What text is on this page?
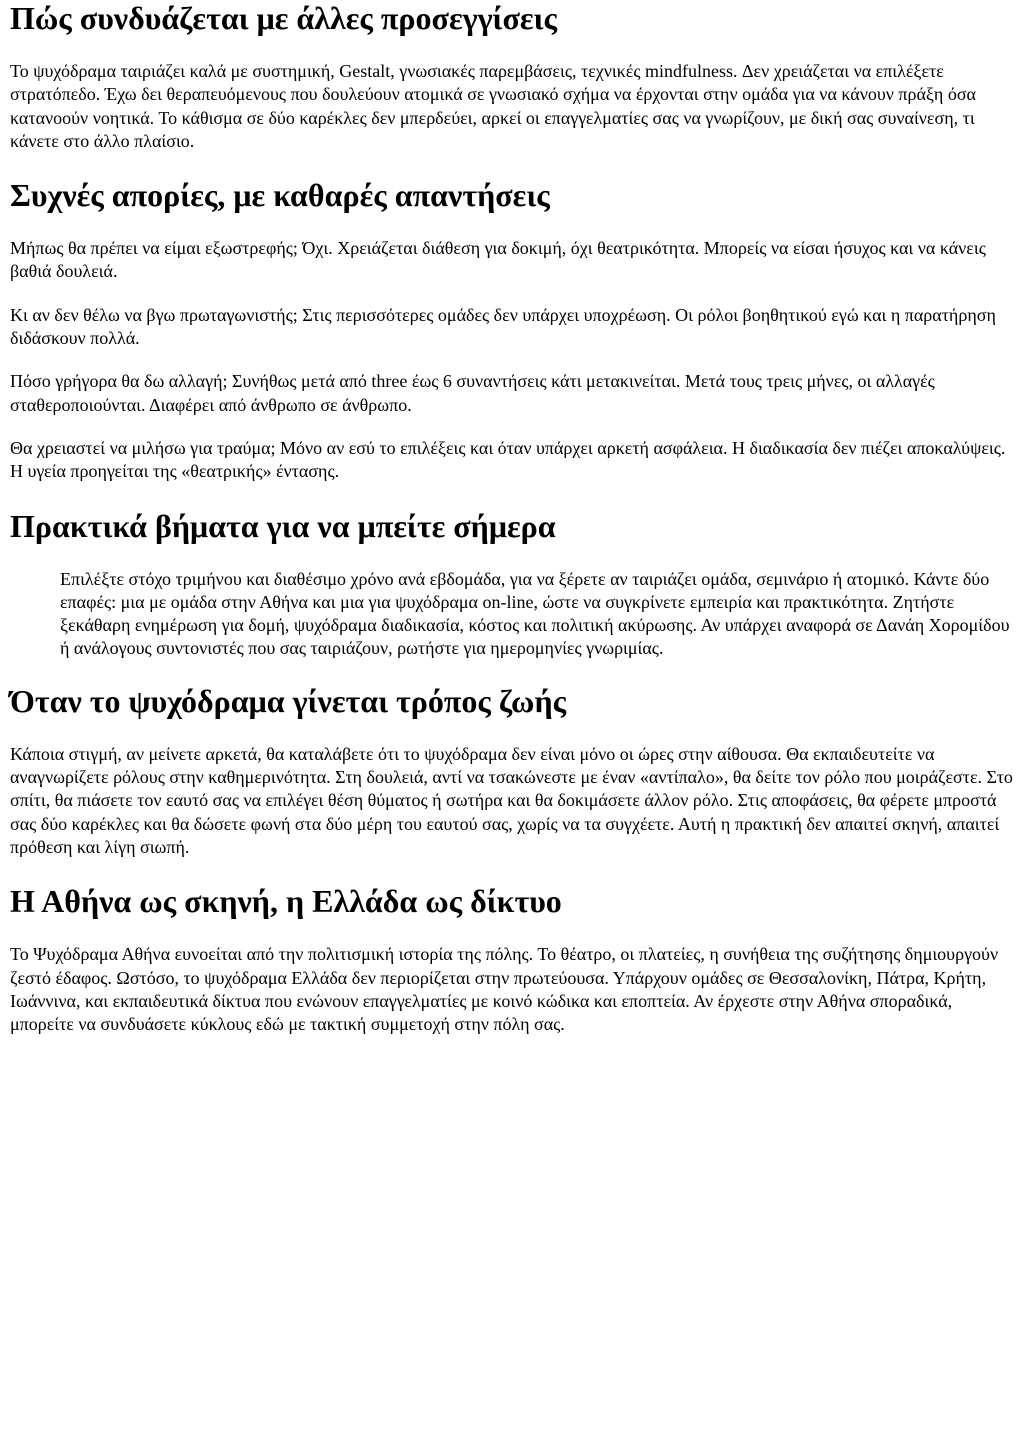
Πώς συνδυάζεται με άλλες προσεγγίσεις

Το ψυχόδραμα ταιριάζει καλά με συστημική, Gestalt, γνωσιακές παρεμβάσεις, τεχνικές mindfulness. Δεν χρειάζεται να επιλέξετε στρατόπεδο. Έχω δει θεραπευόμενους που δουλεύουν ατομικά σε γνωσιακό σχήμα να έρχονται στην ομάδα για να κάνουν πράξη όσα κατανοούν νοητικά. Το κάθισμα σε δύο καρέκλες δεν μπερδεύει, αρκεί οι επαγγελματίες σας να γνωρίζουν, με δική σας συναίνεση, τι κάνετε στο άλλο πλαίσιο.

Συχνές απορίες, με καθαρές απαντήσεις

Μήπως θα πρέπει να είμαι εξωστρεφής; Όχι. Χρειάζεται διάθεση για δοκιμή, όχι θεατρικότητα. Μπορείς να είσαι ήσυχος και να κάνεις βαθιά δουλειά.

Κι αν δεν θέλω να βγω πρωταγωνιστής; Στις περισσότερες ομάδες δεν υπάρχει υποχρέωση. Οι ρόλοι βοηθητικού εγώ και η παρατήρηση διδάσκουν πολλά.

Πόσο γρήγορα θα δω αλλαγή; Συνήθως μετά από three έως 6 συναντήσεις κάτι μετακινείται. Μετά τους τρεις μήνες, οι αλλαγές σταθεροποιούνται. Διαφέρει από άνθρωπο σε άνθρωπο.

Θα χρειαστεί να μιλήσω για τραύμα; Μόνο αν εσύ το επιλέξεις και όταν υπάρχει αρκετή ασφάλεια. Η διαδικασία δεν πιέζει αποκαλύψεις. Η υγεία προηγείται της «θεατρικής» έντασης.

Πρακτικά βήματα για να μπείτε σήμερα
Επιλέξτε στόχο τριμήνου και διαθέσιμο χρόνο ανά εβδομάδα, για να ξέρετε αν ταιριάζει ομάδα, σεμινάριο ή ατομικό. Κάντε δύο επαφές: μια με ομάδα στην Αθήνα και μια για ψυχόδραμα on-line, ώστε να συγκρίνετε εμπειρία και πρακτικότητα. Ζητήστε ξεκάθαρη ενημέρωση για δομή, ψυχόδραμα διαδικασία, κόστος και πολιτική ακύρωσης. Αν υπάρχει αναφορά σε Δανάη Χορομίδου ή ανάλογους συντονιστές που σας ταιριάζουν, ρωτήστε για ημερομηνίες γνωριμίας.
Όταν το ψυχόδραμα γίνεται τρόπος ζωής

Κάποια στιγμή, αν μείνετε αρκετά, θα καταλάβετε ότι το ψυχόδραμα δεν είναι μόνο οι ώρες στην αίθουσα. Θα εκπαιδευτείτε να αναγνωρίζετε ρόλους στην καθημερινότητα. Στη δουλειά, αντί να τσακώνεστε με έναν «αντίπαλο», θα δείτε τον ρόλο που μοιράζεστε. Στο σπίτι, θα πιάσετε τον εαυτό σας να επιλέγει θέση θύματος ή σωτήρα και θα δοκιμάσετε άλλον ρόλο. Στις αποφάσεις, θα φέρετε μπροστά σας δύο καρέκλες και θα δώσετε φωνή στα δύο μέρη του εαυτού σας, χωρίς να τα συγχέετε. Αυτή η πρακτική δεν απαιτεί σκηνή, απαιτεί πρόθεση και λίγη σιωπή.

Η Αθήνα ως σκηνή, η Ελλάδα ως δίκτυο

Το Ψυχόδραμα Αθήνα ευνοείται από την πολιτισμική ιστορία της πόλης. Το θέατρο, οι πλατείες, η συνήθεια της συζήτησης δημιουργούν ζεστό έδαφος. Ωστόσο, το ψυχόδραμα Ελλάδα δεν περιορίζεται στην πρωτεύουσα. Υπάρχουν ομάδες σε Θεσσαλονίκη, Πάτρα, Κρήτη, Ιωάννινα, και εκπαιδευτικά δίκτυα που ενώνουν επαγγελματίες με κοινό κώδικα και εποπτεία. Αν έρχεστε στην Αθήνα σποραδικά, μπορείτε να συνδυάσετε κύκλους εδώ με τακτική συμμετοχή στην πόλη σας.
